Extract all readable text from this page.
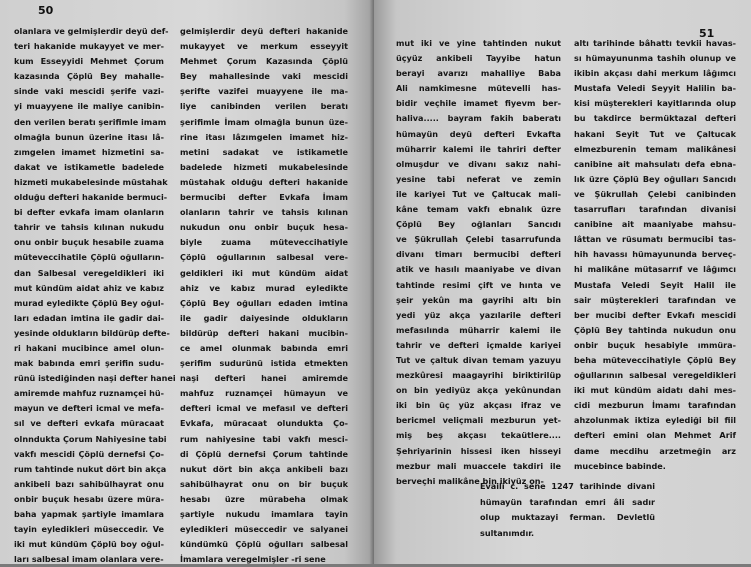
50
olanlara ve gelmişlerdir deyü def-
teri hakanide mukayyet ve mer-
kum Esseyyidi Mehmet Çorum
kazasında Çöplü Bey mahalle-
sinde vaki mescidi şerife vazi-
yi muayyene ile maliye canibin-
den verilen beratı şerifimle imam
olmağla bunun üzerine itası lâ-
zımgelen imamet hizmetini sa-
dakat ve istikametle badelede
hizmeti mukabelesinde müstahak
olduğu defteri hakanide bermuci-
bi defter evkafa imam olanların
tahrir ve tahsis kılınan nukudu
onu onbir buçuk hesabile zuama
müteveccihatile Çöplü oğulların-
dan Salbesal veregeldikleri iki
mut kündüm aidat ahiz ve kabız
murad eyledikte Çöplü Bey oğul-
ları edadan imtina ile gadir dai-
yesinde oldukların bildürüp defte-
ri hakani mucibince amel olun-
mak babında emri şerifin sudu-
rünü istediğinden naşi defter hanei
amiremde mahfuz ruznamçei hü-
mayun ve defteri icmal ve mefa-
sıl ve defteri evkafa müracaat
olnndukta Çorum Nahiyesine tabi
vakfı mescidi Çöplü dernefsi Ço-
rum tahtinde nukut dört bin akça
ankibeli bazı sahibülhayrat onu
onbir buçuk hesabı üzere müra-
baha yapmak şartiyle imamlara
tayin eyledikleri müseccedir. Ve
iki mut kündüm Çöplü boy oğul-
ları salbesal imam olanlara vere-
gelmişlerdir deyü defteri hakanide
mukayyet ve merkum esseyyit
Mehmet Çorum Kazasında Çöplü
Bey mahallesinde vaki mescidi
şerifte vazifei muayyene ile ma-
liye canibinden verilen beratı
şerifimle İmam olmağla bunun üze-
rine itası lâzımgelen imamet hiz-
metini sadakat ve istikametle
badelede hizmeti mukabelesinde
müstahak olduğu defteri hakanide
bermucibi defter Evkafa İmam
olanların tahrir ve tahsis kılınan
nukudun onu onbir buçuk hesa-
biyle zuama müteveccihatiyle
Çöplü oğullarının salbesal vere-
geldikleri iki mut kündüm aidat
ahiz ve kabız murad eyledikte
Çöplü Bey oğulları edaden imtina
ile gadir daiyesinde oldukların
bildürüp defteri hakani mucibin-
ce amel olunmak babında emri
şerifim sudurünü istida etmekten
naşi defteri hanei amiremde
mahfuz ruznamçei hümayun ve
defteri icmal ve mefasıl ve defteri
Evkafa, müracaat olundukta Ço-
rum nahiyesine tabi vakfı mesci-
di Çöplü dernefsi Çorum tahtinde
nukut dört bin akça ankibeli bazı
sahibülhayrat onu on bir buçuk
hesabı üzre mürabeha olmak
şartiyle nukudu imamlara tayin
eyledikleri müseccedir ve salyanei
kündümkü Çöplü oğulları salbesal
İmamlara veregelmişler -ri sene
51
mut iki ve yine tahtinden nukut
üçyüz ankibeli Tayyibe hatun
berayi avarızı mahalliye Baba
Ali namkimesne mütevelli has-
bidir veçhile imamet fiyevm ber-
haliva..... bayram fakih baberatı
hümayün deyü defteri Evkafta
müharrir kalemi ile tahriri defter
olmuşdur ve divanı sakız nahi-
yesine tabi neferat ve zemin
ile kariyei Tut ve Çaltucak mali-
kâne temam vakfı ebnalık üzre
Çöplü Bey oğlanları Sancıdı
ve Şükrullah Çelebi tasarrufunda
divanı timarı bermucibi defteri
atik ve hasılı maaniyabe ve divan
tahtinde resimi çift ve hınta ve
şeir yekûn ma gayrihi altı bin
yedi yüz akça yazılarile defteri
mefasılında müharrir kalemi ile
tahrir ve defteri içmalde kariyei
Tut ve çaltuk divan temam yazuyu
mezkûresi maagayrihi biriktirilüp
on bin yediyüz akça yekûnundan
iki bin üç yüz akçası ifraz ve
bericmel veliçmali mezburun yet-
miş beş akçası tekaütlere....
Şehriyarinin hissesi iken hisseyi
mezbur mali muaccele takdiri ile
berveçhi malikâne bin ikiyüz on-
altı tarihinde bâhattı tevkii havas-
sı hümayununma tashih olunup ve
ikibin akçası dahi merkum lâğımcı
Mustafa Veledi Seyyit Halilin ba-
kisi müşterekleri kayitlarında olup
bu takdirce bermüktazal defteri
hakani Seyit Tut ve Çaltucak
elmezburenin temam malikânesi
canibine ait mahsulatı defa ebna-
lık üzre Çöplü Bey oğulları Sancıdı
ve Şükrullah Çelebi canibinden
tasarrufları tarafından divanisi
canibine ait maaniyabe mahsu-
lâttan ve rüsumatı bermucibi tas-
hih havassı hümayununda berveç-
hi malikâne mütasarrıf ve lâğımcı
Mustafa Veledi Seyit Halil ile
sair müşterekleri tarafından ve
ber mucibi defter Evkafı mescidi
Çöplü Bey tahtinda nukudun onu
onbir buçuk hesabiyle ımmüra-
beha müteveccihatiyle Çöplü Bey
oğullarının salbesal veregeldikleri
iki mut kündüm aidatı dahi mes-
cidi mezburun İmamı tarafından
ahzolunmak iktiza eylediği bil fiil
defteri emini olan Mehmet Arif
dame mecdihu arzetmeğin arz
mucebince babinde.
Evaili c. sene 1247 tarihinde divani
hümayün tarafından emri âli sadır
olup muktazayi ferman. Devletlü
sultanımdır.
